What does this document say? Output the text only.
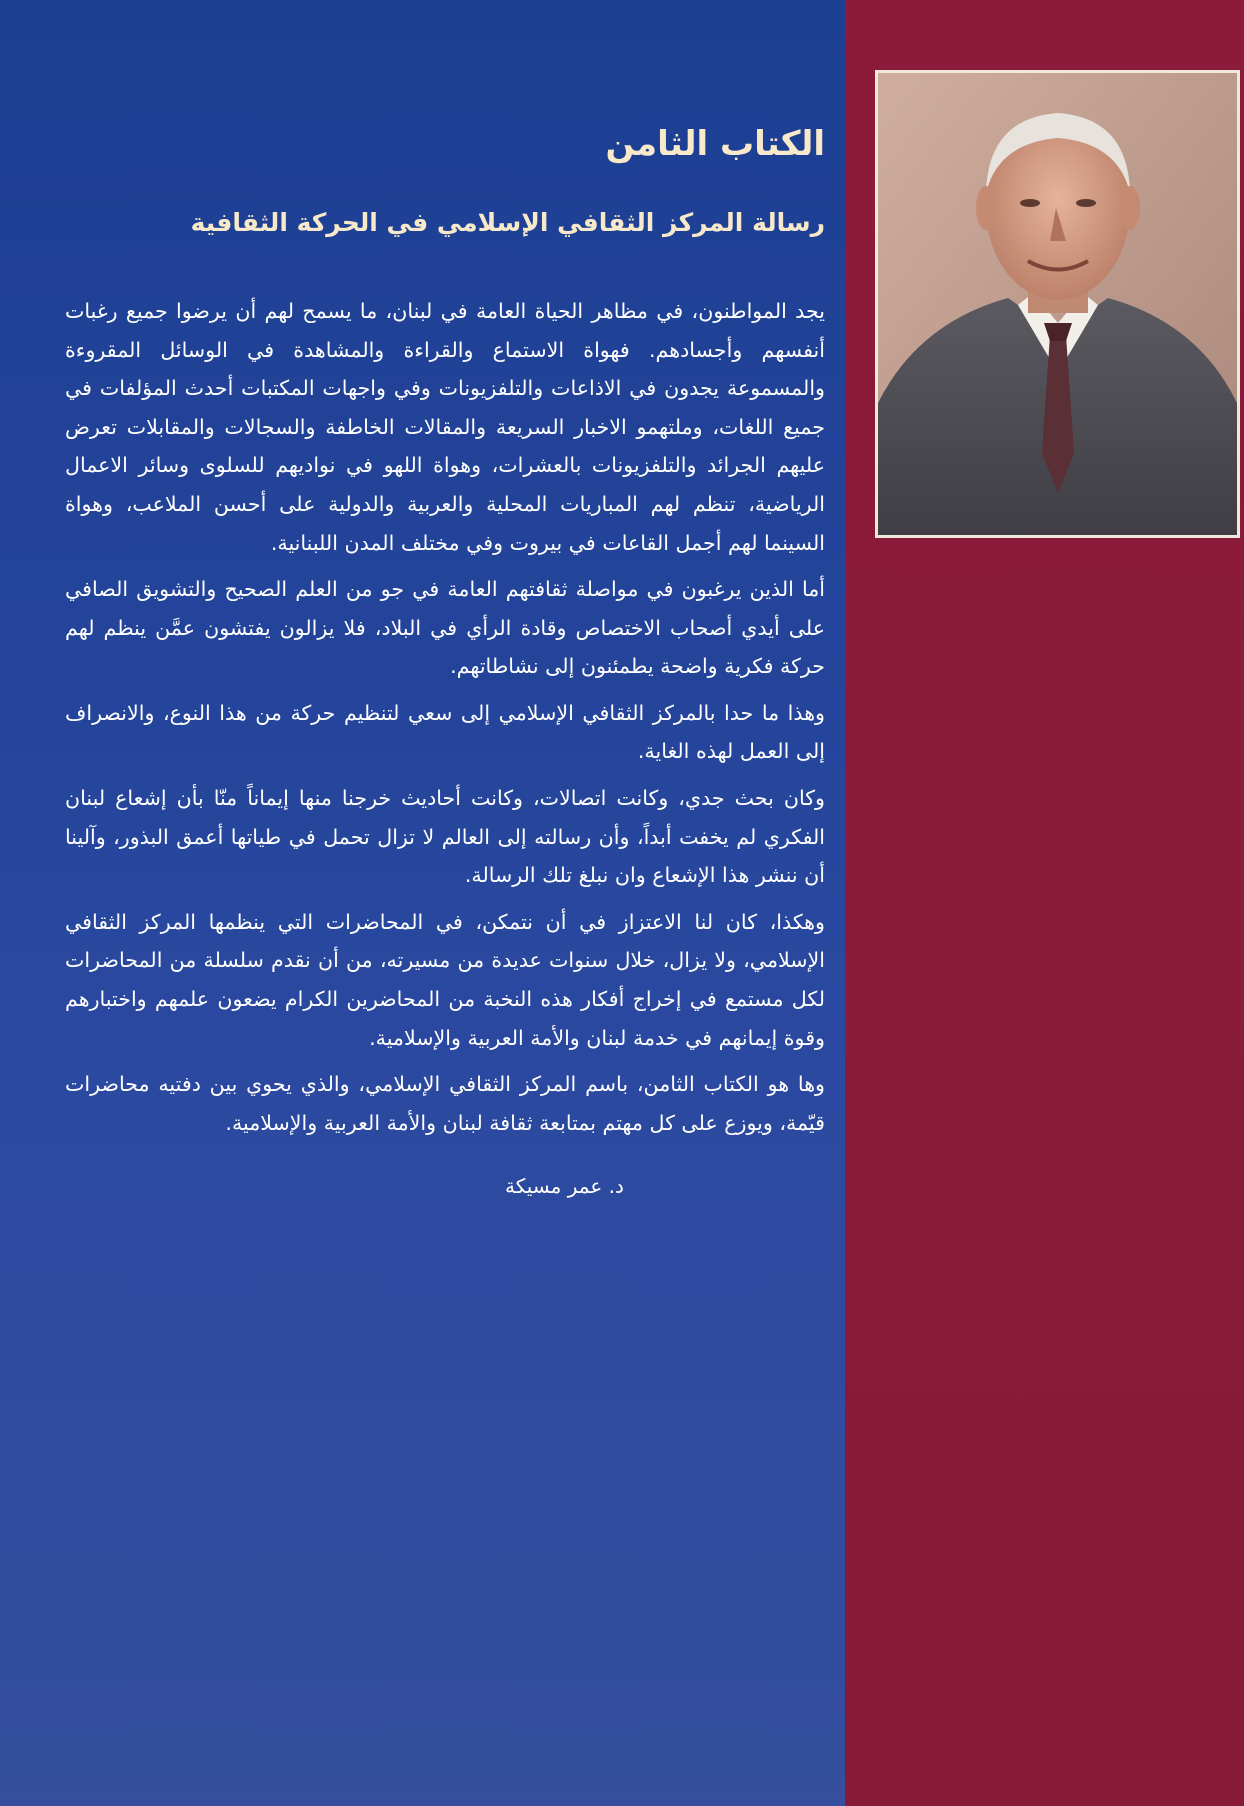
الكتاب الثامن
رسالة المركز الثقافي الإسلامي في الحركة الثقافية

يجد المواطنون، في مظاهر الحياة العامة في لبنان، ما يسمح لهم أن يرضوا جميع رغبات أنفسهم وأجسادهم. فهواة الاستماع والقراءة والمشاهدة في الوسائل المقروءة والمسموعة يجدون في الاذاعات والتلفزيونات وفي واجهات المكتبات أحدث المؤلفات في جميع اللغات، وملتهمو الاخبار السريعة والمقالات الخاطفة والسجالات والمقابلات تعرض عليهم الجرائد والتلفزيونات بالعشرات، وهواة اللهو في نواديهم للسلوى وسائر الاعمال الرياضية، تنظم لهم المباريات المحلية والعربية والدولية على أحسن الملاعب، وهواة السينما لهم أجمل القاعات في بيروت وفي مختلف المدن اللبنانية.

أما الذين يرغبون في مواصلة ثقافتهم العامة في جو من العلم الصحيح والتشويق الصافي على أيدي أصحاب الاختصاص وقادة الرأي في البلاد، فلا يزالون يفتشون عمَّن ينظم لهم حركة فكرية واضحة يطمئنون إلى نشاطاتهم.

وهذا ما حدا بالمركز الثقافي الإسلامي إلى سعي لتنظيم حركة من هذا النوع، والانصراف إلى العمل لهذه الغاية.

وكان بحث جدي، وكانت اتصالات، وكانت أحاديث خرجنا منها إيماناً منّا بأن إشعاع لبنان الفكري لم يخفت أبداً، وأن رسالته إلى العالم لا تزال تحمل في طياتها أعمق البذور، وآلينا أن ننشر هذا الإشعاع وان نبلغ تلك الرسالة.

وهكذا، كان لنا الاعتزاز في أن نتمكن، في المحاضرات التي ينظمها المركز الثقافي الإسلامي، ولا يزال، خلال سنوات عديدة من مسيرته، من أن نقدم سلسلة من المحاضرات لكل مستمع في إخراج أفكار هذه النخبة من المحاضرين الكرام يضعون علمهم واختبارهم وقوة إيمانهم في خدمة لبنان والأمة العربية والإسلامية.

وها هو الكتاب الثامن، باسم المركز الثقافي الإسلامي، والذي يحوي بين دفتيه محاضرات قيّمة، ويوزع على كل مهتم بمتابعة ثقافة لبنان والأمة العربية والإسلامية.

د. عمر مسيكة
